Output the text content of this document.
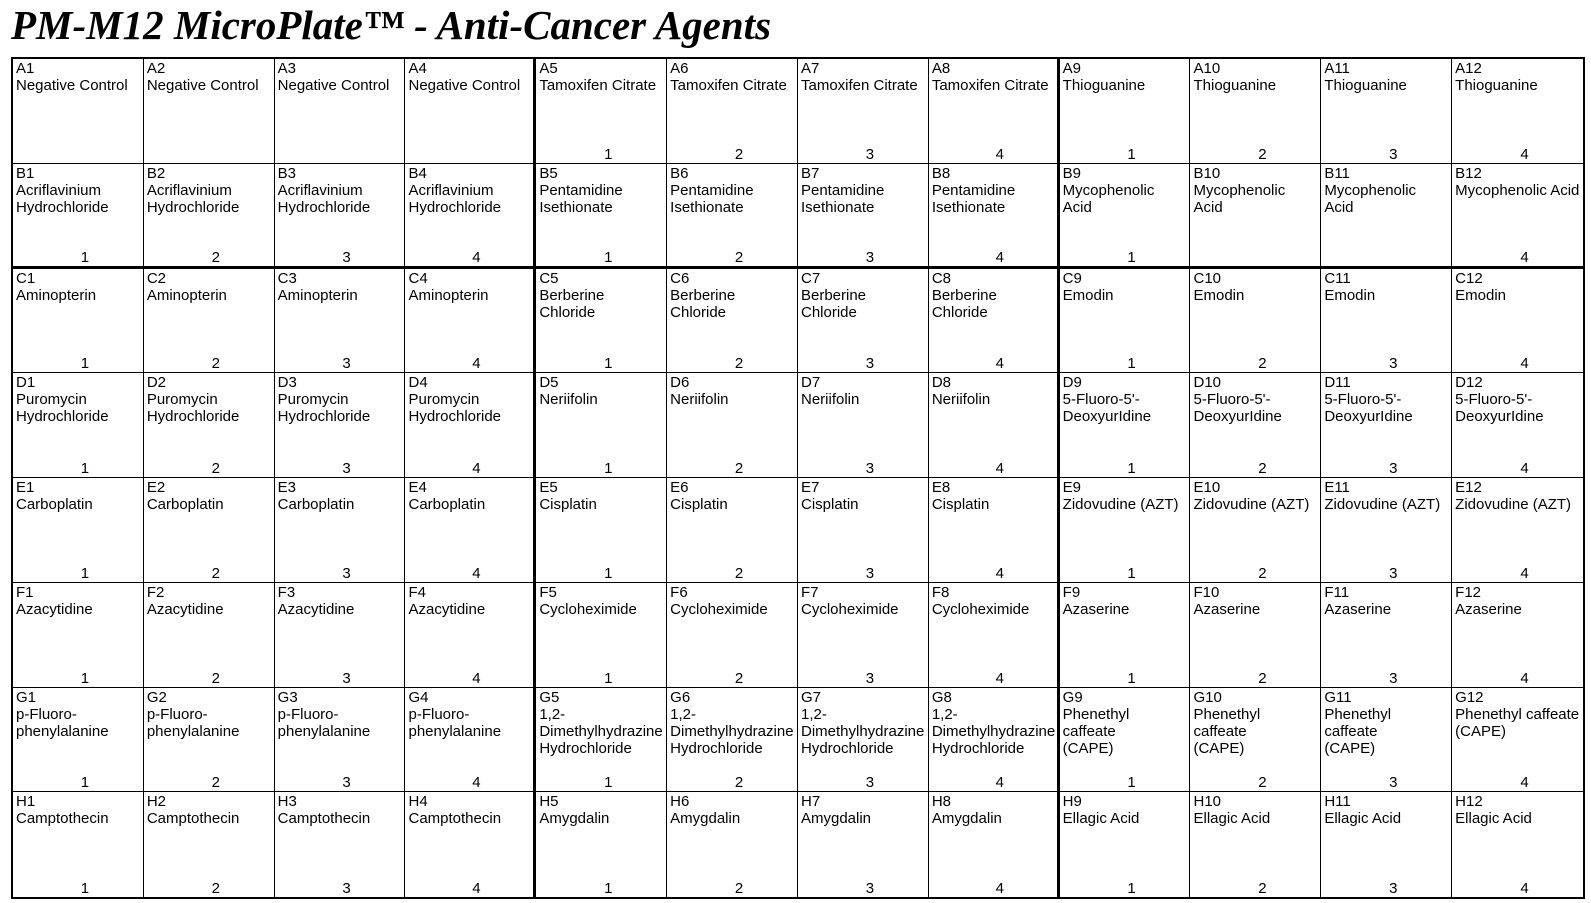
PM-M12 MicroPlate™ - Anti-Cancer Agents
A1
Negative Control
A2
Negative Control
A3
Negative Control
A4
Negative Control
A5
Tamoxifen Citrate
1
A6
Tamoxifen Citrate
2
A7
Tamoxifen Citrate
3
A8
Tamoxifen Citrate
4
A9
Thioguanine
1
A10
Thioguanine
2
A11
Thioguanine
3
A12
Thioguanine
4
B1
Acriflavinium
Hydrochloride
1
B2
Acriflavinium
Hydrochloride
2
B3
Acriflavinium
Hydrochloride
3
B4
Acriflavinium
Hydrochloride
4
B5
Pentamidine
Isethionate
1
B6
Pentamidine
Isethionate
2
B7
Pentamidine
Isethionate
3
B8
Pentamidine
Isethionate
4
B9
Mycophenolic Acid
1
B10
Mycophenolic
Acid
B11
Mycophenolic
Acid
B12
Mycophenolic Acid
4
C1
Aminopterin
1
C2
Aminopterin
2
C3
Aminopterin
3
C4
Aminopterin
4
C5
Berberine Chloride
1
C6
Berberine Chloride
2
C7
Berberine Chloride
3
C8
Berberine Chloride
4
C9
Emodin
1
C10
Emodin
2
C11
Emodin
3
C12
Emodin
4
D1
Puromycin
Hydrochloride
1
D2
Puromycin
Hydrochloride
2
D3
Puromycin
Hydrochloride
3
D4
Puromycin
Hydrochloride
4
D5
Neriifolin
1
D6
Neriifolin
2
D7
Neriifolin
3
D8
Neriifolin
4
D9
5-Fluoro-5'-
DeoxyurIdine
1
D10
5-Fluoro-5'-
DeoxyurIdine
2
D11
5-Fluoro-5'-
DeoxyurIdine
3
D12
5-Fluoro-5'-
DeoxyurIdine
4
E1
Carboplatin
1
E2
Carboplatin
2
E3
Carboplatin
3
E4
Carboplatin
4
E5
Cisplatin
1
E6
Cisplatin
2
E7
Cisplatin
3
E8
Cisplatin
4
E9
Zidovudine (AZT)
1
E10
Zidovudine (AZT)
2
E11
Zidovudine (AZT)
3
E12
Zidovudine (AZT)
4
F1
Azacytidine
1
F2
Azacytidine
2
F3
Azacytidine
3
F4
Azacytidine
4
F5
Cycloheximide
1
F6
Cycloheximide
2
F7
Cycloheximide
3
F8
Cycloheximide
4
F9
Azaserine
1
F10
Azaserine
2
F11
Azaserine
3
F12
Azaserine
4
G1
p-Fluoro-
phenylalanine
1
G2
p-Fluoro-
phenylalanine
2
G3
p-Fluoro-
phenylalanine
3
G4
p-Fluoro-
phenylalanine
4
G5
1,2-
Dimethylhydrazine
Hydrochloride
1
G6
1,2-
Dimethylhydrazine
Hydrochloride
2
G7
1,2-
Dimethylhydrazine
Hydrochloride
3
G8
1,2-
Dimethylhydrazine
Hydrochloride
4
G9
Phenethyl caffeate
(CAPE)
1
G10
Phenethyl caffeate
(CAPE)
2
G11
Phenethyl caffeate
(CAPE)
3
G12
Phenethyl caffeate
(CAPE)
4
H1
Camptothecin
1
H2
Camptothecin
2
H3
Camptothecin
3
H4
Camptothecin
4
H5
Amygdalin
1
H6
Amygdalin
2
H7
Amygdalin
3
H8
Amygdalin
4
H9
Ellagic Acid
1
H10
Ellagic Acid
2
H11
Ellagic Acid
3
H12
Ellagic Acid
4
